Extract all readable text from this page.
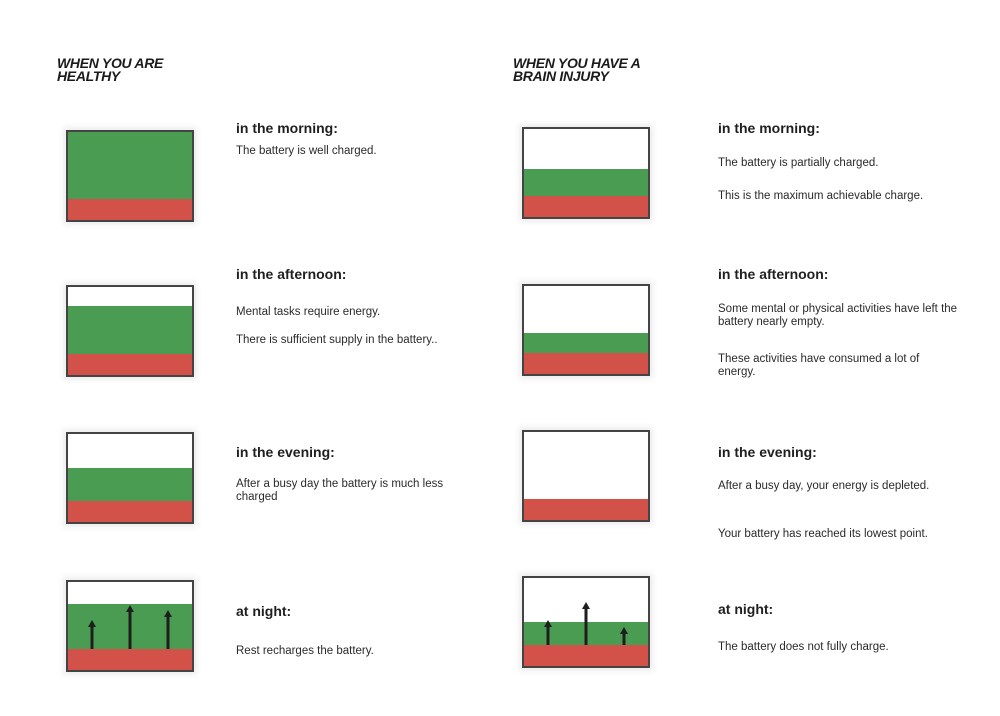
WHEN YOU ARE
HEALTHY
WHEN YOU HAVE A
BRAIN INJURY
in the morning:
The battery is well charged.
in the afternoon:
Mental tasks require energy.
There is sufficient supply in the battery..
in the evening:
After a busy day the battery is much less charged
at night:
Rest recharges the battery.
in the morning:
The battery is partially charged.
This is the maximum achievable charge.
in the afternoon:
Some mental or physical activities have left the battery nearly empty.
These activities have consumed a lot of energy.
in the evening:
After a busy day, your energy is depleted.
Your battery has reached its lowest point.
at night:
The battery does not fully charge.
